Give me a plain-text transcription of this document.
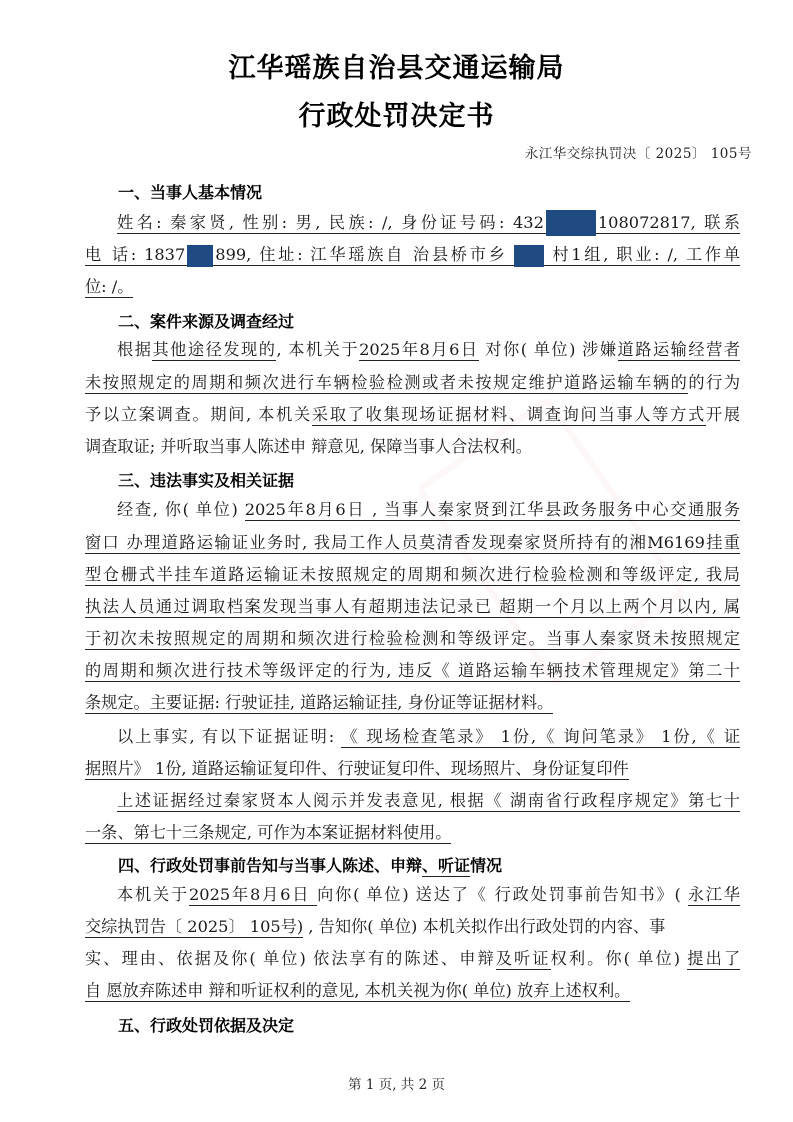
江华瑶族自治县交通运输局
行政处罚决定书
永江华交综执罚决〔 2025〕 105号
一、当事人基本情况
姓名: 秦家贤, 性别: 男, 民族: /, 身份证号码: 432	108072817, 联系
电 话: 1837 899, 住址: 江华瑶族自 治县桥市乡	村1组, 职业: /, 工作单
位: /。
二、案件来源及调查经过
根据其他途径发现的, 本机关于2025年8月6日 对你( 单位) 涉嫌道路运输经营者
未按照规定的周期和频次进行车辆检验检测或者未按规定维护道路运输车辆的的行为
予以立案调查。期间, 本机关采取了收集现场证据材料、调查询问当事人等方式开展
调查取证; 并听取当事人陈述申 辩意见, 保障当事人合法权利。
三、违法事实及相关证据
经查, 你( 单位) 2025年8月6日 , 当事人秦家贤到江华县政务服务中心交通服务
窗口 办理道路运输证业务时, 我局工作人员莫清香发现秦家贤所持有的湘M6169挂重
型仓栅式半挂车道路运输证未按照规定的周期和频次进行检验检测和等级评定, 我局
执法人员通过调取档案发现当事人有超期违法记录已 超期一个月以上两个月以内, 属
于初次未按照规定的周期和频次进行检验检测和等级评定。当事人秦家贤未按照规定
的周期和频次进行技术等级评定的行为, 违反《 道路运输车辆技术管理规定》第二十
条规定。主要证据: 行驶证挂, 道路运输证挂, 身份证等证据材料。
以上事实, 有以下证据证明: 《 现场检查笔录》 1份,《 询问笔录》 1份,《 证
据照片》 1份, 道路运输证复印件、行驶证复印件、现场照片、身份证复印件
上述证据经过秦家贤本人阅示并发表意见, 根据《 湖南省行政程序规定》第七十
一条、第七十三条规定, 可作为本案证据材料使用。
四、行政处罚事前告知与当事人陈述、申辩、听证情况
本机关于2025年8月6日 向你( 单位) 送达了《 行政处罚事前告知书》( 永江华
交综执罚告〔 2025〕 105号) , 告知你( 单位) 本机关拟作出行政处罚的内容、事
实、理由、依据及你( 单位) 依法享有的陈述、申辩及听证权利。你( 单位) 提出了
自 愿放弃陈述申 辩和听证权利的意见, 本机关视为你( 单位) 放弃上述权利。
五、行政处罚依据及决定
第 1 页, 共 2 页
